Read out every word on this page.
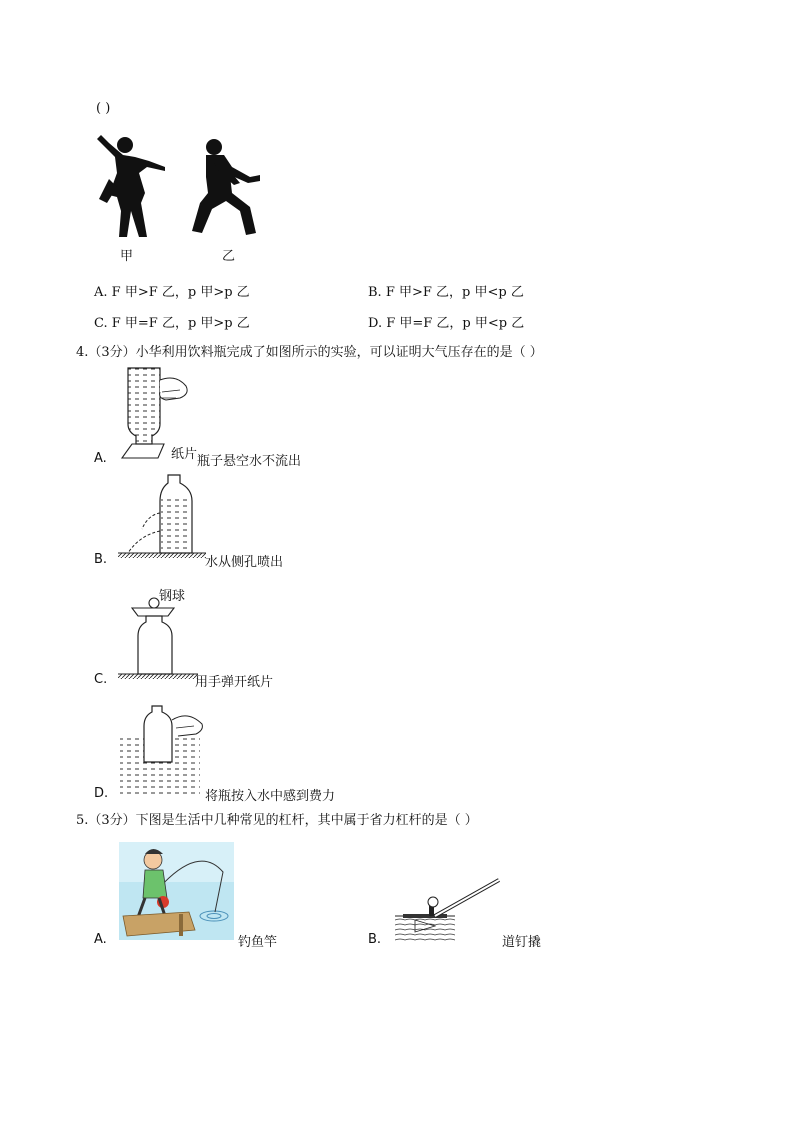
( )
甲	乙
A. F 甲>F 乙，p 甲>p 乙	B. F 甲>F 乙，p 甲<p 乙
C. F 甲=F 乙，p 甲>p 乙	D. F 甲=F 乙，p 甲<p 乙
4.（3分）小华利用饮料瓶完成了如图所示的实验，可以证明大气压存在的是（ ）
A.	纸片 瓶子悬空水不流出
B.	水从侧孔喷出
钢球
C.	用手弹开纸片
D.	将瓶按入水中感到费力
5.（3分）下图是生活中几种常见的杠杆，其中属于省力杠杆的是（ ）
A.	钓鱼竿	B.	道钉撬
